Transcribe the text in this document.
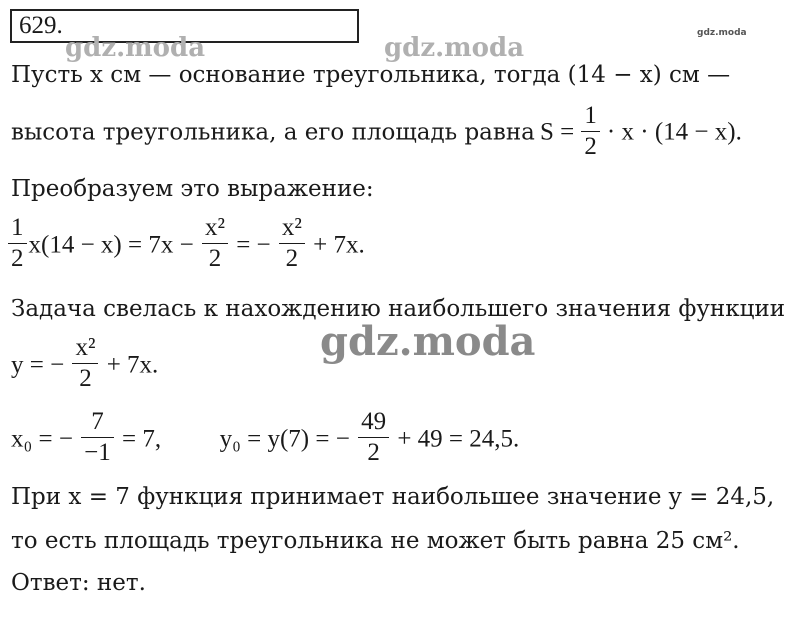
629.
gdz.moda	gdz.moda	gdz.moda
gdz.moda
Пусть x см — основание треугольника, тогда (14 − x) см —
высота треугольника, а его площадь равна $S = \frac{1}{2} \cdot x \cdot (14 - x)$.
Преобразуем это выражение:
$\frac{1}{2} x(14 - x) = 7x - \frac{\text{x²}}{2}$ = − $\frac{\text{x²}}{2} + 7x$.
Задача свелась к нахождению наибольшего значения функции
y = − $\frac{\text{x²}}{2} + 7x$.
x₀ = − $\frac{7}{-1} = 7$, y₀ = y(7) = − $\frac{49}{2} + 49 = 24,5$.
При x = 7 функция принимает наибольшее значение y = 24,5,
то есть площадь треугольника не может быть равна 25 см².
Ответ: нет.
